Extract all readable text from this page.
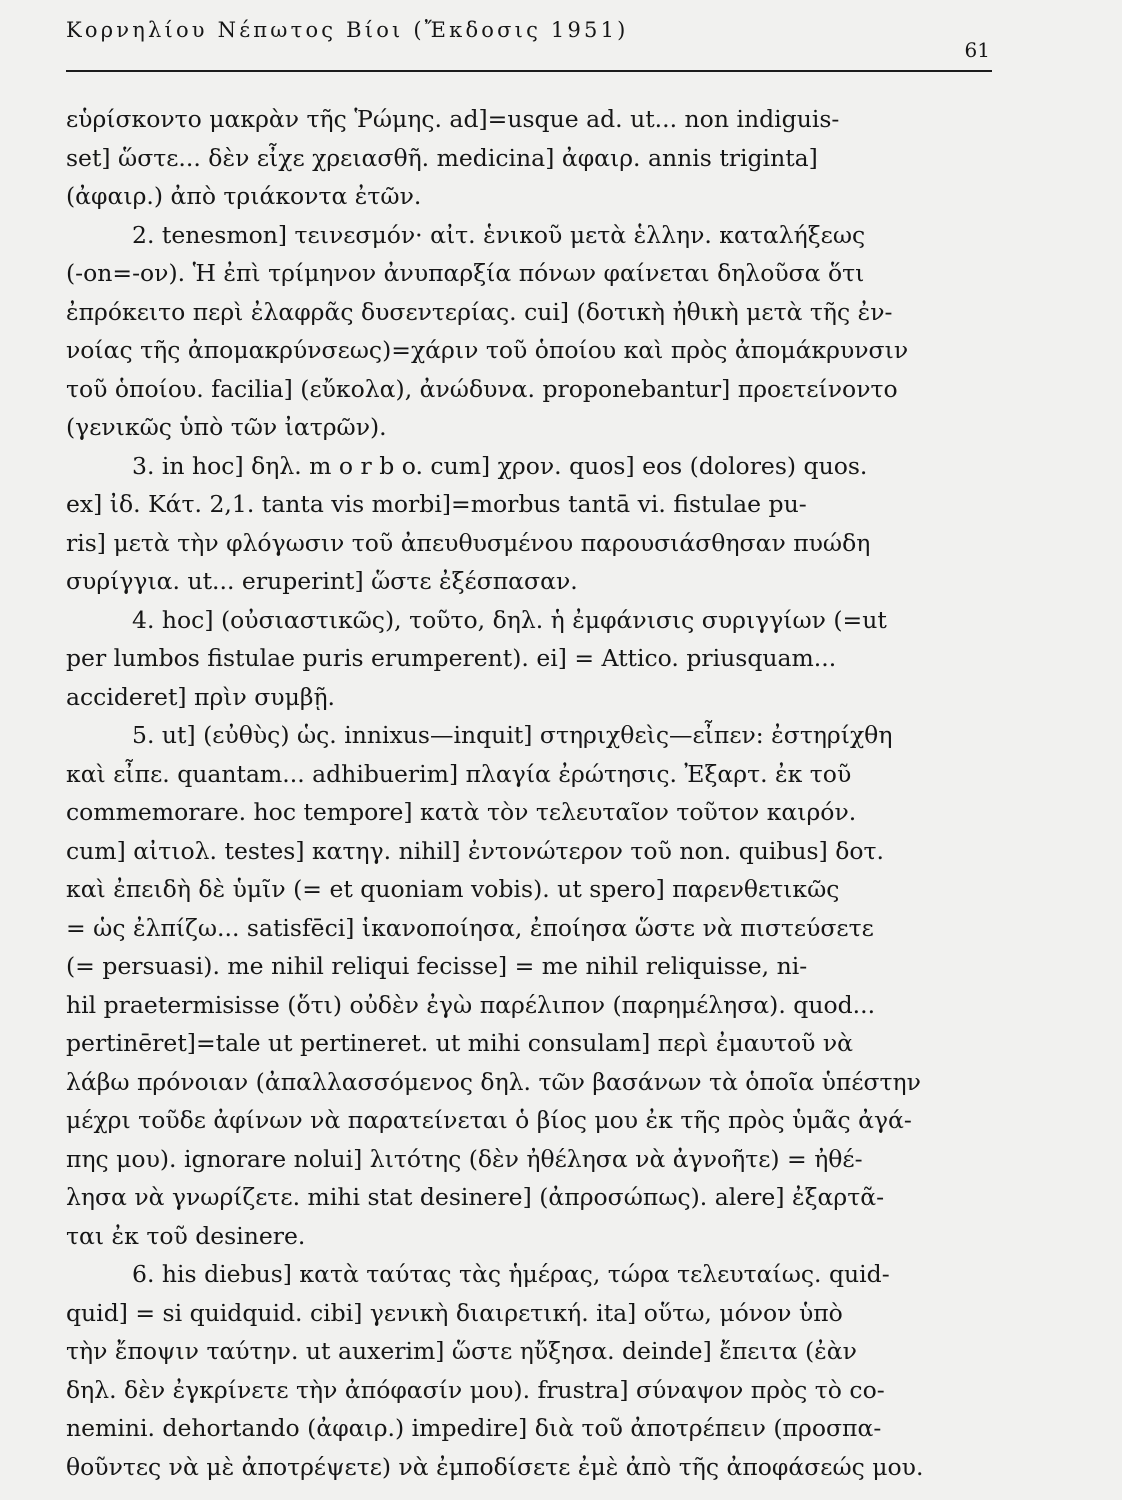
Κορνηλίου Νέπωτος Βίοι (Ἔκδοσις 1951)
61
εὑρίσκοντο μακρὰν τῆς Ῥώμης. ad]=usque ad. ut... non indiguis-
set] ὥστε... δὲν εἶχε χρειασθῆ. medicina] ἀφαιρ. annis triginta]
(ἀφαιρ.) ἀπὸ τριάκοντα ἐτῶν.
2. tenesmon] τεινεσμόν· αἰτ. ἑνικοῦ μετὰ ἑλλην. καταλήξεως
(-on=-ον). Ἡ ἐπὶ τρίμηνον ἀνυπαρξία πόνων φαίνεται δηλοῦσα ὅτι
ἐπρόκειτο περὶ ἐλαφρᾶς δυσεντερίας. cui] (δοτικὴ ἠθικὴ μετὰ τῆς ἐν-
νοίας τῆς ἀπομακρύνσεως)=χάριν τοῦ ὁποίου καὶ πρὸς ἀπομάκρυνσιν
τοῦ ὁποίου. facilia] (εὔκολα), ἀνώδυνα. proponebantur] προετείνοντο
(γενικῶς ὑπὸ τῶν ἰατρῶν).
3. in hoc] δηλ. m o r b o. cum] χρον. quos] eos (dolores) quos.
ex] ἰδ. Κάτ. 2,1. tanta vis morbi]=morbus tantā vi. fistulae pu-
ris] μετὰ τὴν φλόγωσιν τοῦ ἀπευθυσμένου παρουσιάσθησαν πυώδη
συρίγγια. ut... eruperint] ὥστε ἐξέσπασαν.
4. hoc] (οὐσιαστικῶς), τοῦτο, δηλ. ἡ ἐμφάνισις συριγγίων (=ut
per lumbos fistulae puris erumperent). ei] = Attico. priusquam...
accideret] πρὶν συμβῇ.
5. ut] (εὐθὺς) ὡς. innixus—inquit] στηριχθεὶς—εἶπεν: ἐστηρίχθη
καὶ εἶπε. quantam... adhibuerim] πλαγία ἐρώτησις. Ἐξαρτ. ἐκ τοῦ
commemorare. hoc tempore] κατὰ τὸν τελευταῖον τοῦτον καιρόν.
cum] αἰτιολ. testes] κατηγ. nihil] ἐντονώτερον τοῦ non. quibus] δοτ.
καὶ ἐπειδὴ δὲ ὑμῖν (= et quoniam vobis). ut spero] παρενθετικῶς
= ὡς ἐλπίζω... satisfēci] ἱκανοποίησα, ἐποίησα ὥστε νὰ πιστεύσετε
(= persuasi). me nihil reliqui fecisse] = me nihil reliquisse, ni-
hil praetermisisse (ὅτι) οὐδὲν ἐγὼ παρέλιπον (παρημέλησα). quod...
pertinēret]=tale ut pertineret. ut mihi consulam] περὶ ἐμαυτοῦ νὰ
λάβω πρόνοιαν (ἀπαλλασσόμενος δηλ. τῶν βασάνων τὰ ὁποῖα ὑπέστην
μέχρι τοῦδε ἀφίνων νὰ παρατείνεται ὁ βίος μου ἐκ τῆς πρὸς ὑμᾶς ἀγά-
πης μου). ignorare nolui] λιτότης (δὲν ἠθέλησα νὰ ἀγνοῆτε) = ἠθέ-
λησα νὰ γνωρίζετε. mihi stat desinere] (ἀπροσώπως). alere] ἐξαρτᾶ-
ται ἐκ τοῦ desinere.
6. his diebus] κατὰ ταύτας τὰς ἡμέρας, τώρα τελευταίως. quid-
quid] = si quidquid. cibi] γενικὴ διαιρετική. ita] οὕτω, μόνον ὑπὸ
τὴν ἔποψιν ταύτην. ut auxerim] ὥστε ηὔξησα. deinde] ἔπειτα (ἐὰν
δηλ. δὲν ἐγκρίνετε τὴν ἀπόφασίν μου). frustra] σύναψον πρὸς τὸ co-
nemini. dehortando (ἀφαιρ.) impedire] διὰ τοῦ ἀποτρέπειν (προσπα-
θοῦντες νὰ μὲ ἀποτρέψετε) νὰ ἐμποδίσετε ἐμὲ ἀπὸ τῆς ἀποφάσεώς μου.
